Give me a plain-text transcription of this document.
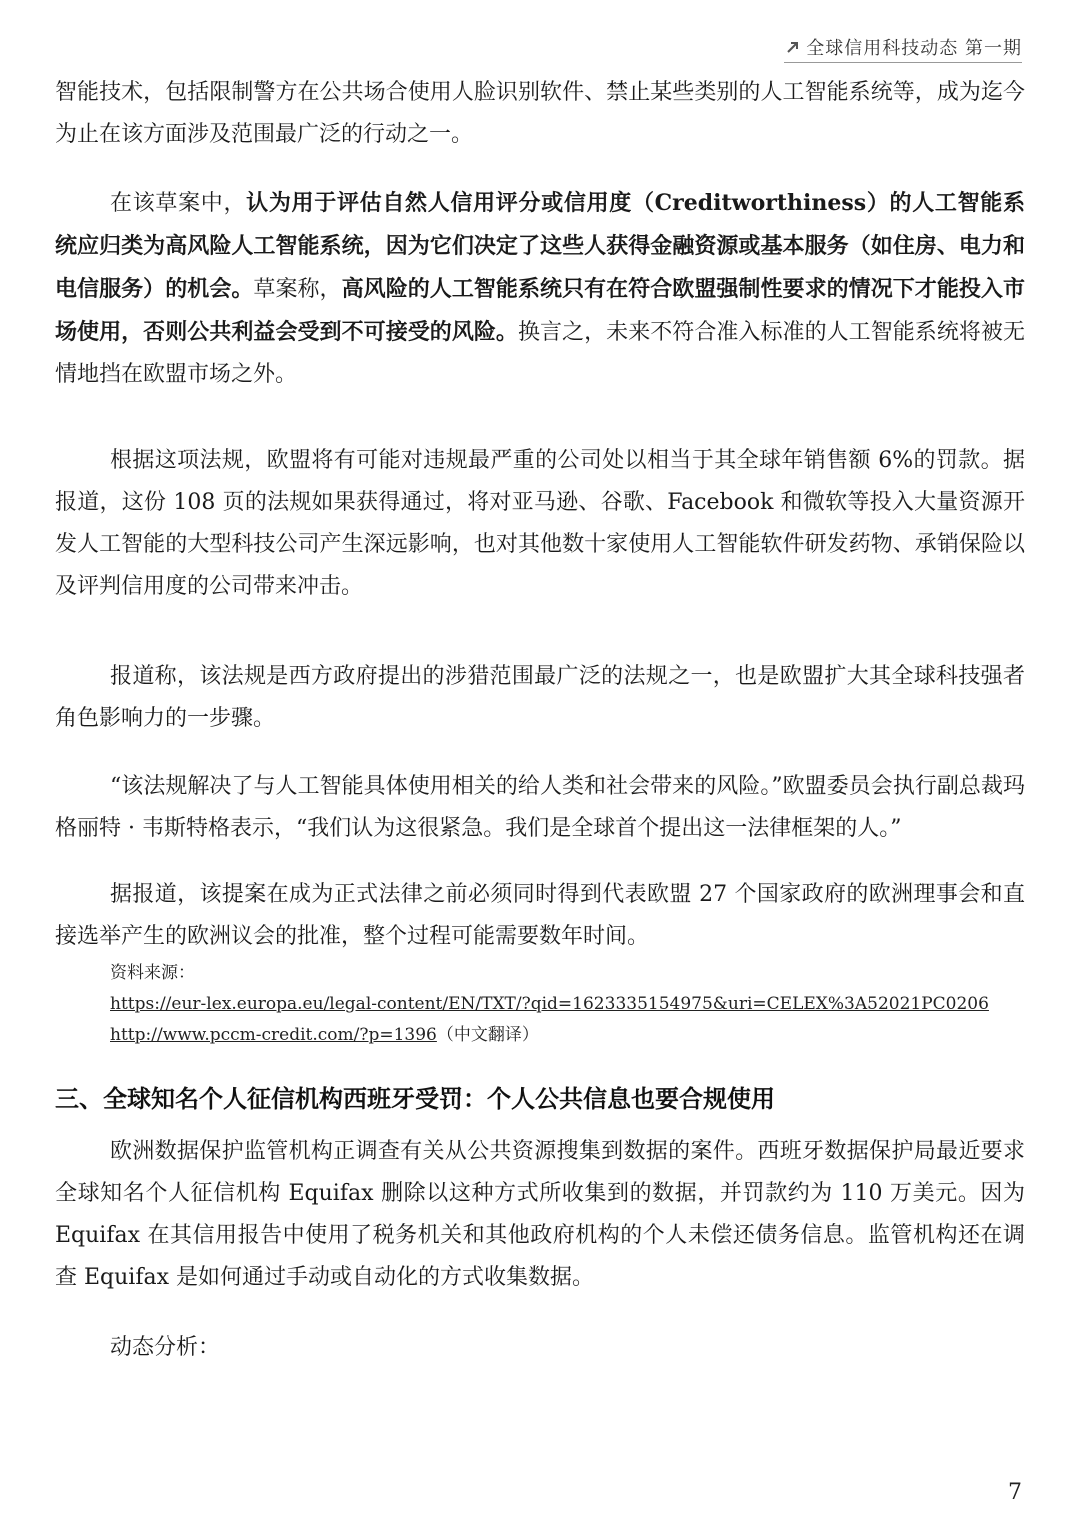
全球信用科技动态 第一期

智能技术，包括限制警方在公共场合使用人脸识别软件、禁止某些类别的人工智能系统等，成为迄今为止在该方面涉及范围最广泛的行动之一。

在该草案中，认为用于评估自然人信用评分或信用度（Creditworthiness）的人工智能系统应归类为高风险人工智能系统，因为它们决定了这些人获得金融资源或基本服务（如住房、电力和电信服务）的机会。草案称，高风险的人工智能系统只有在符合欧盟强制性要求的情况下才能投入市场使用，否则公共利益会受到不可接受的风险。换言之，未来不符合准入标准的人工智能系统将被无情地挡在欧盟市场之外。

根据这项法规，欧盟将有可能对违规最严重的公司处以相当于其全球年销售额 6%的罚款。据报道，这份 108 页的法规如果获得通过，将对亚马逊、谷歌、Facebook 和微软等投入大量资源开发人工智能的大型科技公司产生深远影响，也对其他数十家使用人工智能软件研发药物、承销保险以及评判信用度的公司带来冲击。

报道称，该法规是西方政府提出的涉猎范围最广泛的法规之一，也是欧盟扩大其全球科技强者角色影响力的一步骤。

“该法规解决了与人工智能具体使用相关的给人类和社会带来的风险。”欧盟委员会执行副总裁玛格丽特 · 韦斯特格表示，“我们认为这很紧急。我们是全球首个提出这一法律框架的人。”

据报道，该提案在成为正式法律之前必须同时得到代表欧盟 27 个国家政府的欧洲理事会和直接选举产生的欧洲议会的批准，整个过程可能需要数年时间。

资料来源：
https://eur-lex.europa.eu/legal-content/EN/TXT/?qid=1623335154975&uri=CELEX%3A52021PC0206
http://www.pccm-credit.com/?p=1396（中文翻译）
三、全球知名个人征信机构西班牙受罚：个人公共信息也要合规使用

欧洲数据保护监管机构正调查有关从公共资源搜集到数据的案件。西班牙数据保护局最近要求全球知名个人征信机构 Equifax 删除以这种方式所收集到的数据，并罚款约为 110 万美元。因为 Equifax 在其信用报告中使用了税务机关和其他政府机构的个人未偿还债务信息。监管机构还在调查 Equifax 是如何通过手动或自动化的方式收集数据。

动态分析：

7
